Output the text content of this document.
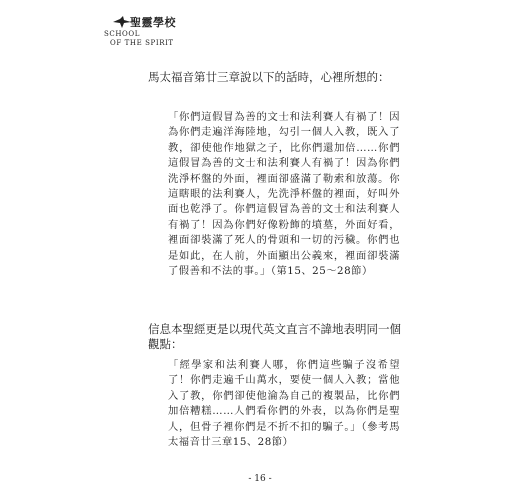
聖靈學校
SCHOOL
OF THE SPIRIT

馬太福音第廿三章說以下的話時，心裡所想的：

「你們這假冒為善的文士和法利賽人有禍了！因為你們走遍洋海陸地，勾引一個人入教，既入了教，卻使他作地獄之子，比你們還加倍……你們這假冒為善的文士和法利賽人有禍了！因為你們洗淨杯盤的外面，裡面卻盛滿了勒索和放蕩。你這瞎眼的法利賽人，先洗淨杯盤的裡面，好叫外面也乾淨了。你們這假冒為善的文士和法利賽人有禍了！因為你們好像粉飾的墳墓，外面好看，裡面卻裝滿了死人的骨頭和一切的污穢。你們也是如此，在人前，外面顯出公義來，裡面卻裝滿了假善和不法的事。」（第15、25～28節）

信息本聖經更是以現代英文直言不諱地表明同一個觀點：

「經學家和法利賽人哪，你們這些騙子沒希望了！你們走遍千山萬水，要使一個人入教；當他入了教，你們卻使他淪為自己的複製品，比你們加倍糟糕……人們看你們的外表，以為你們是聖人，但骨子裡你們是不折不扣的騙子。」（參考馬太福音廿三章15、28節）

- 16 -
